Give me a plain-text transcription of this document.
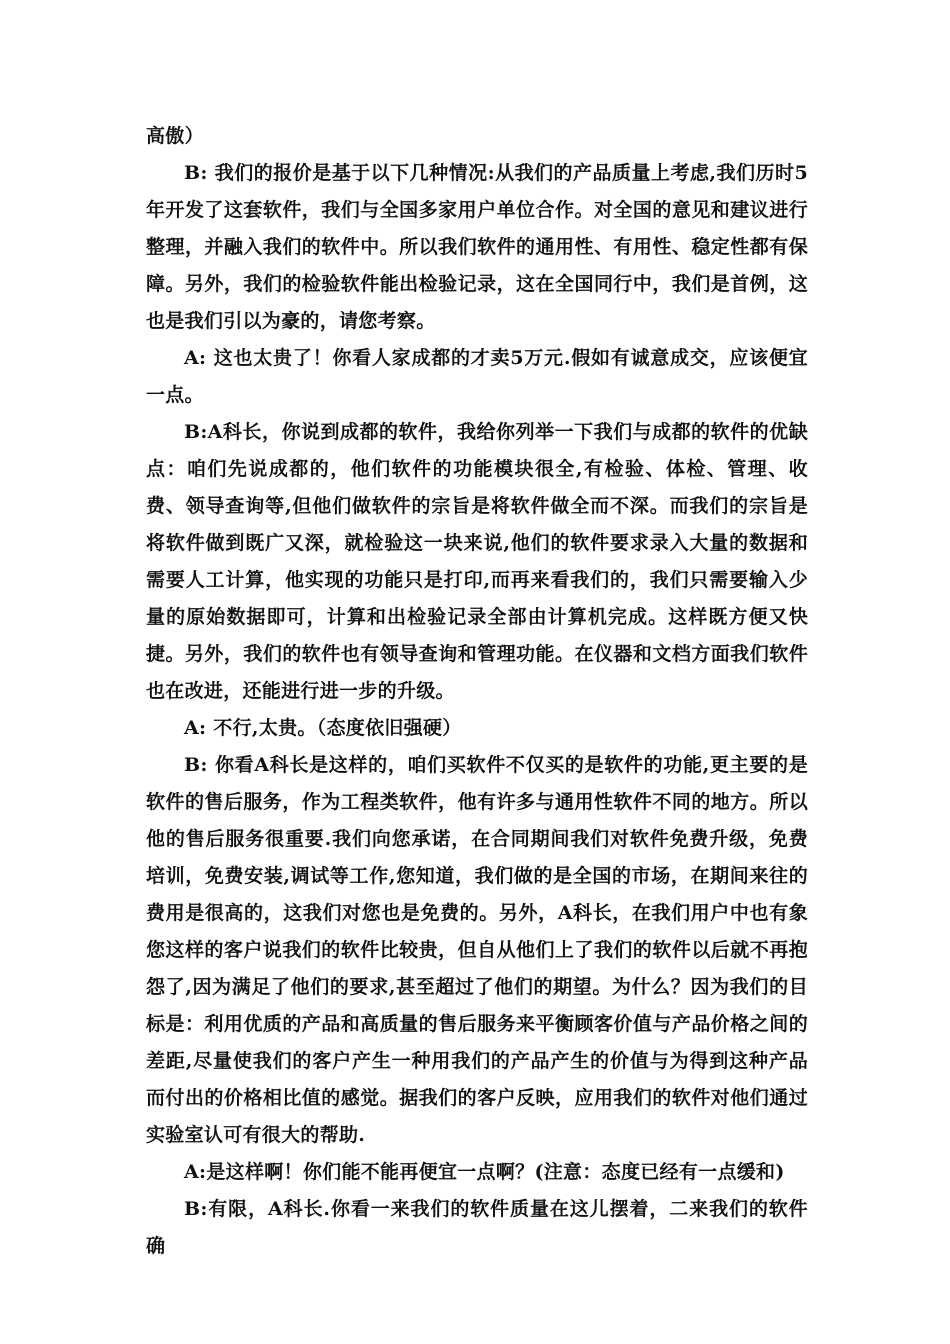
高傲）

B: 我们的报价是基于以下几种情况:从我们的产品质量上考虑,我们历时5年开发了这套软件，我们与全国多家用户单位合作。对全国的意见和建议进行整理，并融入我们的软件中。所以我们软件的通用性、有用性、稳定性都有保障。另外，我们的检验软件能出检验记录，这在全国同行中，我们是首例，这也是我们引以为豪的，请您考察。

A: 这也太贵了！你看人家成都的才卖5万元.假如有诚意成交，应该便宜一点。

B:A科长，你说到成都的软件，我给你列举一下我们与成都的软件的优缺点：咱们先说成都的，他们软件的功能模块很全,有检验、体检、管理、收费、领导查询等,但他们做软件的宗旨是将软件做全而不深。而我们的宗旨是将软件做到既广又深，就检验这一块来说,他们的软件要求录入大量的数据和需要人工计算，他实现的功能只是打印,而再来看我们的，我们只需要输入少量的原始数据即可，计算和出检验记录全部由计算机完成。这样既方便又快捷。另外，我们的软件也有领导查询和管理功能。在仪器和文档方面我们软件也在改进，还能进行进一步的升级。

A: 不行,太贵。（态度依旧强硬）

B: 你看A科长是这样的，咱们买软件不仅买的是软件的功能,更主要的是软件的售后服务，作为工程类软件，他有许多与通用性软件不同的地方。所以他的售后服务很重要.我们向您承诺，在合同期间我们对软件免费升级，免费培训，免费安装,调试等工作,您知道，我们做的是全国的市场，在期间来往的费用是很高的，这我们对您也是免费的。另外，A科长，在我们用户中也有象您这样的客户说我们的软件比较贵，但自从他们上了我们的软件以后就不再抱怨了,因为满足了他们的要求,甚至超过了他们的期望。为什么？因为我们的目标是：利用优质的产品和高质量的售后服务来平衡顾客价值与产品价格之间的差距,尽量使我们的客户产生一种用我们的产品产生的价值与为得到这种产品而付出的价格相比值的感觉。据我们的客户反映，应用我们的软件对他们通过实验室认可有很大的帮助.

A:是这样啊！你们能不能再便宜一点啊？(注意：态度已经有一点缓和)

B:有限，A科长.你看一来我们的软件质量在这儿摆着，二来我们的软件确
